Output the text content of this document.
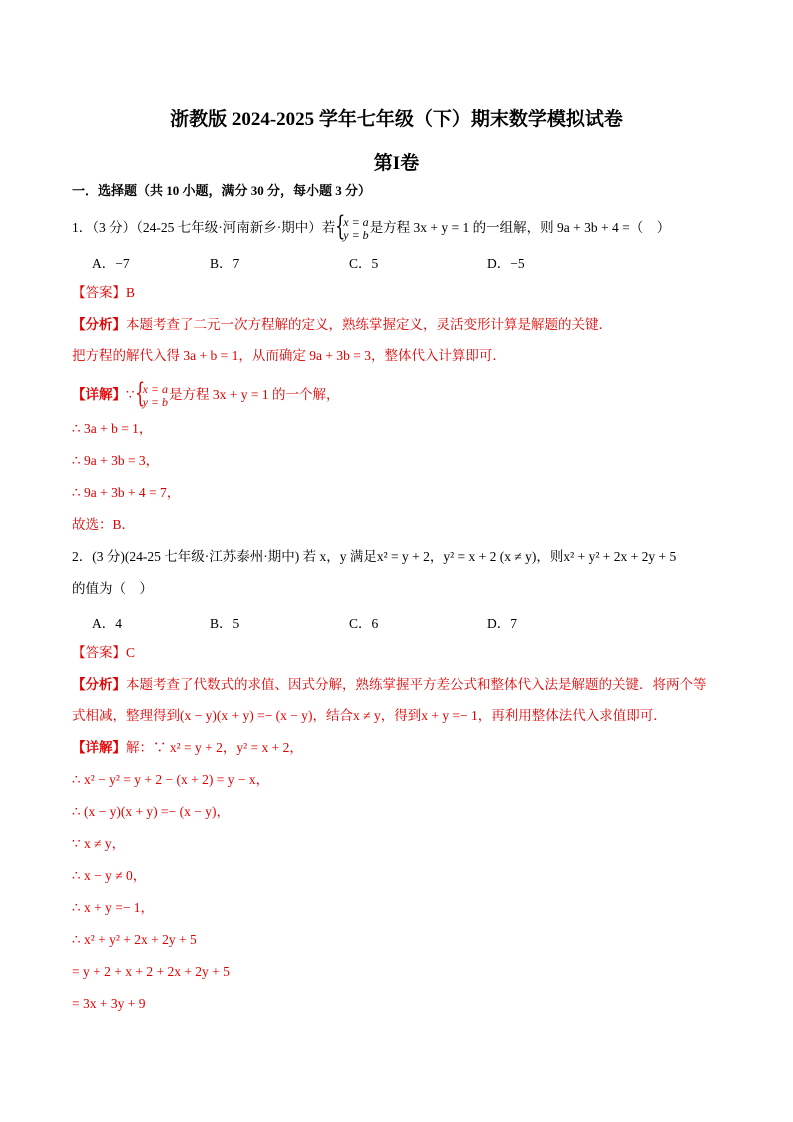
浙教版 2024-2025 学年七年级（下）期末数学模拟试卷
第I卷
一．选择题（共 10 小题，满分 30 分，每小题 3 分）
1．（3 分）（24-25 七年级·河南新乡·期中）若 {
x = a
y = b 是方程 3x + y = 1 的一组解，则 9a + 3b + 4 =（　）
A．−7	B．7	C．5	D．−5
【答案】B
【分析】本题考查了二元一次方程解的定义，熟练掌握定义，灵活变形计算是解题的关键．
把方程的解代入得 3a + b = 1，从而确定 9a + 3b = 3，整体代入计算即可．
【详解】∵ {
x = a
y = b 是方程 3x + y = 1 的一个解，
∴ 3a + b = 1，
∴ 9a + 3b = 3，
∴ 9a + 3b + 4 = 7，
故选：B．
2．(3 分)(24-25 七年级·江苏泰州·期中) 若 x，y 满足x² = y + 2，y² = x + 2 (x ≠ y)，则x² + y² + 2x + 2y + 5
的值为（　）
A．4	B．5	C．6	D．7
【答案】C
【分析】本题考查了代数式的求值、因式分解，熟练掌握平方差公式和整体代入法是解题的关键．将两个等
式相减，整理得到(x − y)(x + y) =− (x − y)，结合x ≠ y，得到x + y =− 1，再利用整体法代入求值即可．
【详解】解：∵ x² = y + 2，y² = x + 2，
∴ x² − y² = y + 2 − (x + 2) = y − x，
∴ (x − y)(x + y) =− (x − y)，
∵ x ≠ y，
∴ x − y ≠ 0，
∴ x + y =− 1，
∴ x² + y² + 2x + 2y + 5
= y + 2 + x + 2 + 2x + 2y + 5
= 3x + 3y + 9
